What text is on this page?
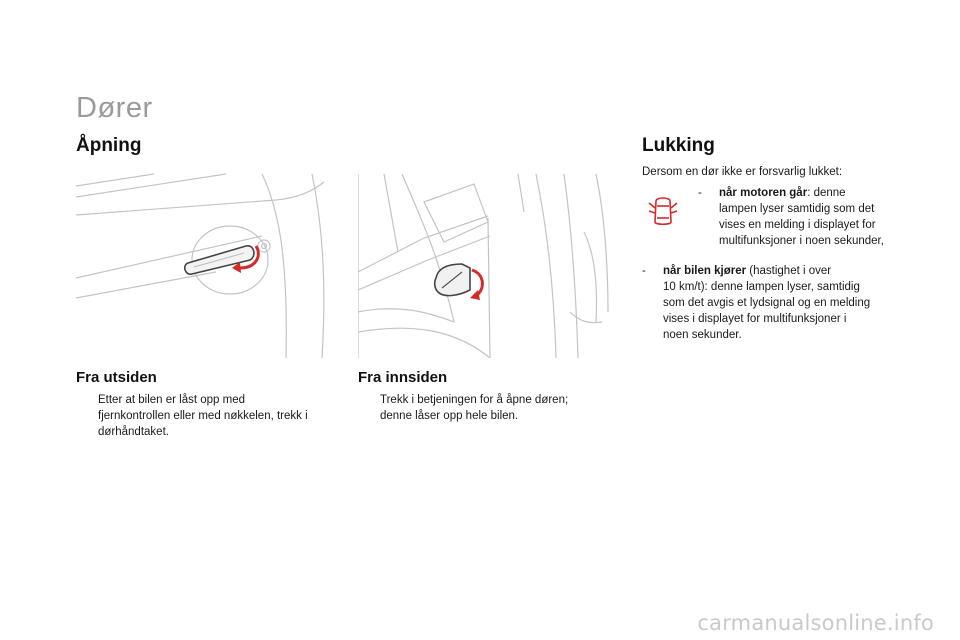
Dører
Åpning
Fra utsiden
Etter at bilen er låst opp med
fjernkontrollen eller med nøkkelen, trekk i
dørhåndtaket.
Fra innsiden
Trekk i betjeningen for å åpne døren;
denne låser opp hele bilen.
Lukking
Dersom en dør ikke er forsvarlig lukket:
-	når motoren går: denne
lampen lyser samtidig som det
vises en melding i displayet for
multifunksjoner i noen sekunder,
-	når bilen kjører (hastighet i over
10 km/t): denne lampen lyser, samtidig
som det avgis et lydsignal og en melding
vises i displayet for multifunksjoner i
noen sekunder.
carmanualsonline.info
